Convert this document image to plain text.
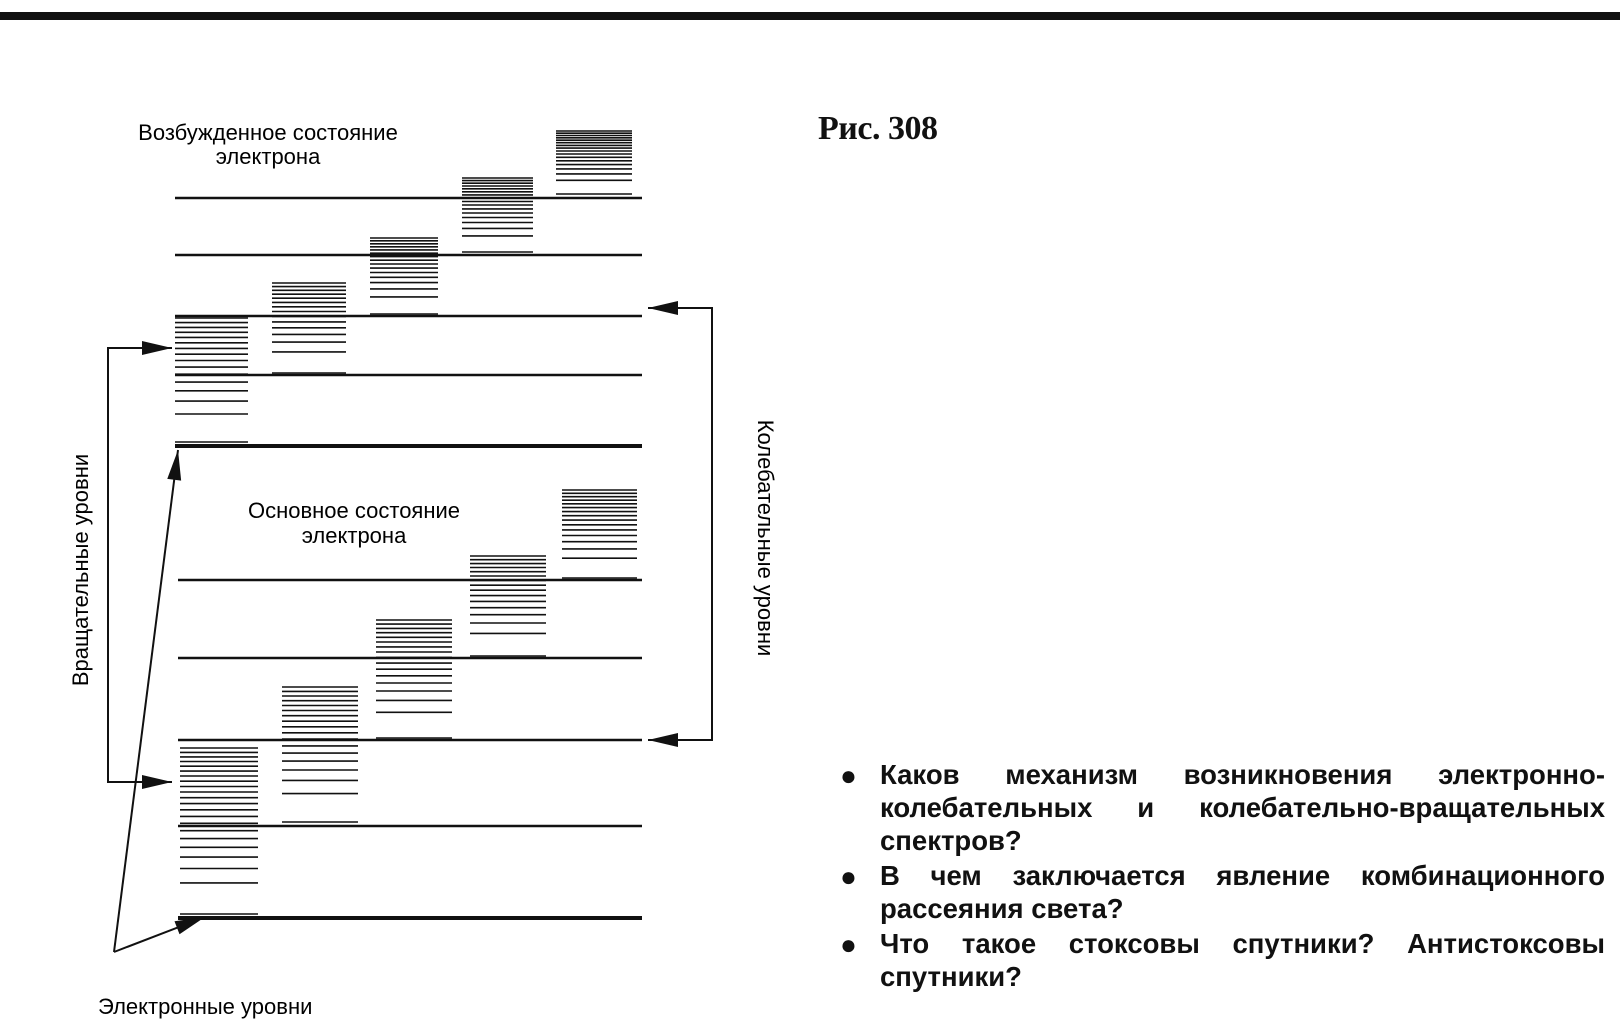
Возбужденное состояние
электрона
Основное состояние
электрона
Вращательные уровни	Колебательные уровни
Электронные уровни
Рис. 308
● Каков механизм возникновения электронно-колебательных и колебательно-вращательных спектров?
● В чем заключается явление комбинационного рассеяния света?
● Что такое стоксовы спутники? Антистоксовы спутники?
